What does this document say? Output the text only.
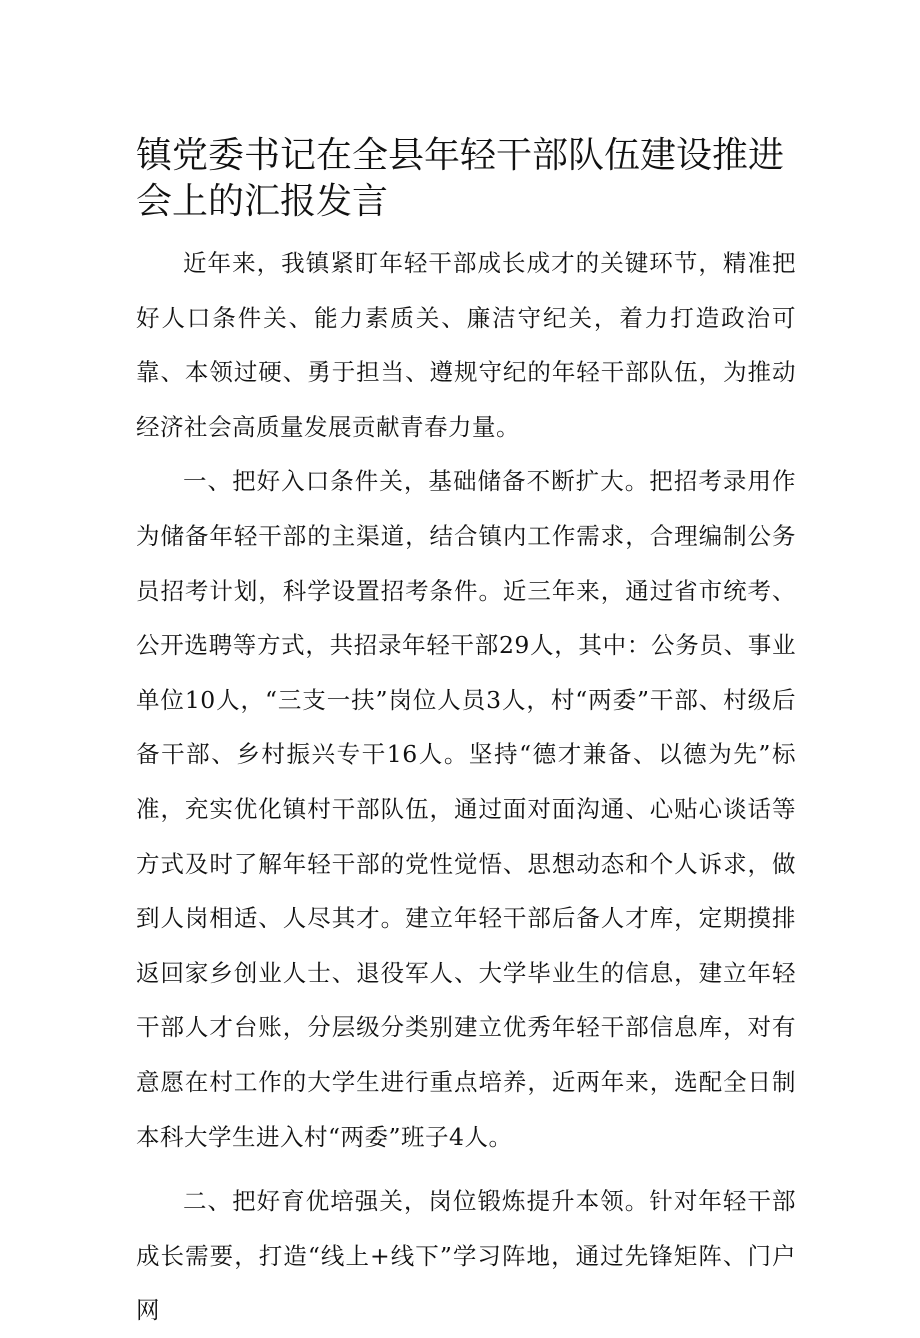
镇党委书记在全县年轻干部队伍建设推进会上的汇报发言

近年来，我镇紧盯年轻干部成长成才的关键环节，精准把好人口条件关、能力素质关、廉洁守纪关，着力打造政治可靠、本领过硬、勇于担当、遵规守纪的年轻干部队伍，为推动经济社会高质量发展贡献青春力量。

一、把好入口条件关，基础储备不断扩大。把招考录用作为储备年轻干部的主渠道，结合镇内工作需求，合理编制公务员招考计划，科学设置招考条件。近三年来，通过省市统考、公开选聘等方式，共招录年轻干部29人，其中：公务员、事业单位10人，“三支一扶”岗位人员3人，村“两委”干部、村级后备干部、乡村振兴专干16人。坚持“德才兼备、以德为先”标准，充实优化镇村干部队伍，通过面对面沟通、心贴心谈话等方式及时了解年轻干部的党性觉悟、思想动态和个人诉求，做到人岗相适、人尽其才。建立年轻干部后备人才库，定期摸排返回家乡创业人士、退役军人、大学毕业生的信息，建立年轻干部人才台账，分层级分类别建立优秀年轻干部信息库，对有意愿在村工作的大学生进行重点培养，近两年来，选配全日制本科大学生进入村“两委”班子4人。

二、把好育优培强关，岗位锻炼提升本领。针对年轻干部成长需要，打造“线上+线下”学习阵地，通过先锋矩阵、门户网
